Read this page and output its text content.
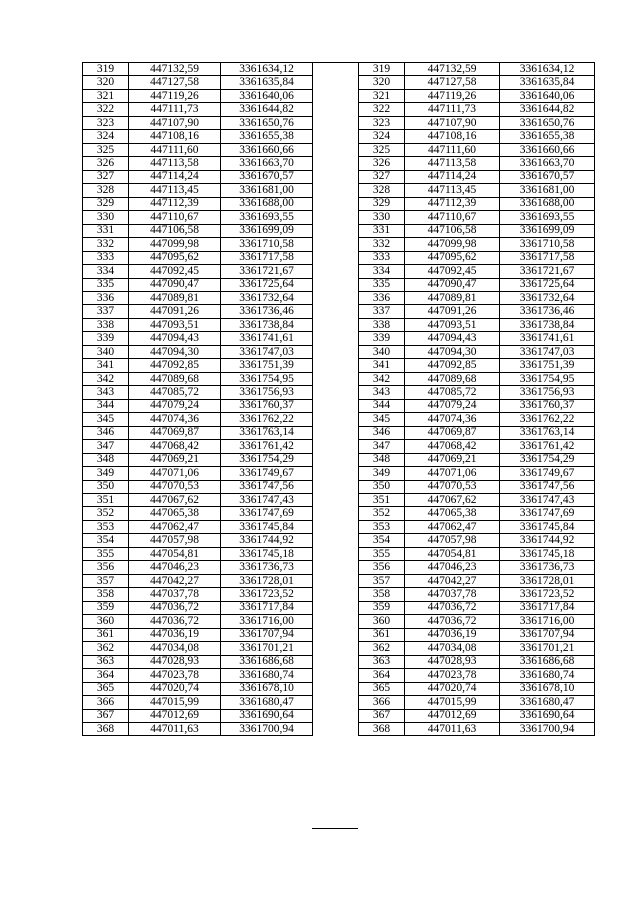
319	447132,59	3361634,12
320	447127,58	3361635,84
321	447119,26	3361640,06
322	447111,73	3361644,82
323	447107,90	3361650,76
324	447108,16	3361655,38
325	447111,60	3361660,66
326	447113,58	3361663,70
327	447114,24	3361670,57
328	447113,45	3361681,00
329	447112,39	3361688,00
330	447110,67	3361693,55
331	447106,58	3361699,09
332	447099,98	3361710,58
333	447095,62	3361717,58
334	447092,45	3361721,67
335	447090,47	3361725,64
336	447089,81	3361732,64
337	447091,26	3361736,46
338	447093,51	3361738,84
339	447094,43	3361741,61
340	447094,30	3361747,03
341	447092,85	3361751,39
342	447089,68	3361754,95
343	447085,72	3361756,93
344	447079,24	3361760,37
345	447074,36	3361762,22
346	447069,87	3361763,14
347	447068,42	3361761,42
348	447069,21	3361754,29
349	447071,06	3361749,67
350	447070,53	3361747,56
351	447067,62	3361747,43
352	447065,38	3361747,69
353	447062,47	3361745,84
354	447057,98	3361744,92
355	447054,81	3361745,18
356	447046,23	3361736,73
357	447042,27	3361728,01
358	447037,78	3361723,52
359	447036,72	3361717,84
360	447036,72	3361716,00
361	447036,19	3361707,94
362	447034,08	3361701,21
363	447028,93	3361686,68
364	447023,78	3361680,74
365	447020,74	3361678,10
366	447015,99	3361680,47
367	447012,69	3361690,64
368	447011,63	3361700,94
319	447132,59	3361634,12
320	447127,58	3361635,84
321	447119,26	3361640,06
322	447111,73	3361644,82
323	447107,90	3361650,76
324	447108,16	3361655,38
325	447111,60	3361660,66
326	447113,58	3361663,70
327	447114,24	3361670,57
328	447113,45	3361681,00
329	447112,39	3361688,00
330	447110,67	3361693,55
331	447106,58	3361699,09
332	447099,98	3361710,58
333	447095,62	3361717,58
334	447092,45	3361721,67
335	447090,47	3361725,64
336	447089,81	3361732,64
337	447091,26	3361736,46
338	447093,51	3361738,84
339	447094,43	3361741,61
340	447094,30	3361747,03
341	447092,85	3361751,39
342	447089,68	3361754,95
343	447085,72	3361756,93
344	447079,24	3361760,37
345	447074,36	3361762,22
346	447069,87	3361763,14
347	447068,42	3361761,42
348	447069,21	3361754,29
349	447071,06	3361749,67
350	447070,53	3361747,56
351	447067,62	3361747,43
352	447065,38	3361747,69
353	447062,47	3361745,84
354	447057,98	3361744,92
355	447054,81	3361745,18
356	447046,23	3361736,73
357	447042,27	3361728,01
358	447037,78	3361723,52
359	447036,72	3361717,84
360	447036,72	3361716,00
361	447036,19	3361707,94
362	447034,08	3361701,21
363	447028,93	3361686,68
364	447023,78	3361680,74
365	447020,74	3361678,10
366	447015,99	3361680,47
367	447012,69	3361690,64
368	447011,63	3361700,94
